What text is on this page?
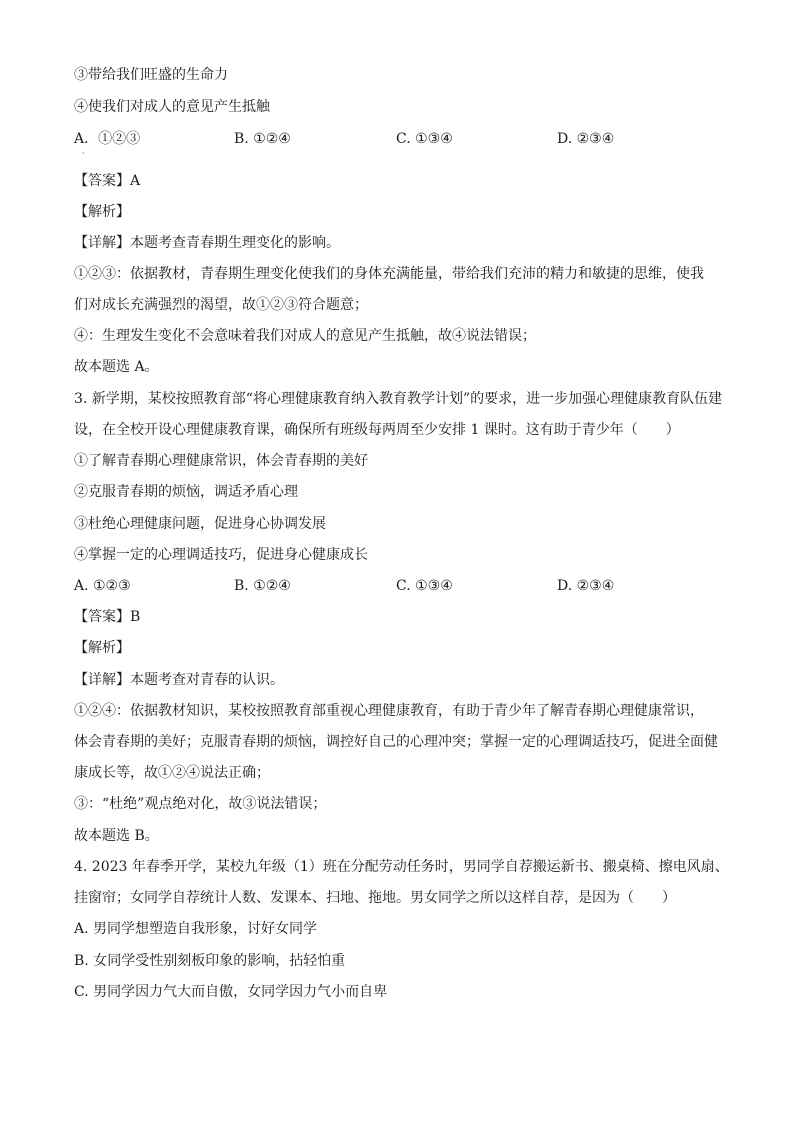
③带给我们旺盛的生命力
④使我们对成人的意见产生抵触
A．①②③	B. ①②④	C. ①③④	D. ②③④
·
【答案】A
【解析】
【详解】本题考查青春期生理变化的影响。
①②③：依据教材，青春期生理变化使我们的身体充满能量，带给我们充沛的精力和敏捷的思维，使我
们对成长充满强烈的渴望，故①②③符合题意；
④：生理发生变化不会意味着我们对成人的意见产生抵触，故④说法错误；
故本题选 A。
3. 新学期，某校按照教育部“将心理健康教育纳入教育教学计划”的要求，进一步加强心理健康教育队伍建
设，在全校开设心理健康教育课，确保所有班级每两周至少安排 1 课时。这有助于青少年（　　）
①了解青春期心理健康常识，体会青春期的美好
②克服青春期的烦恼，调适矛盾心理
③杜绝心理健康问题，促进身心协调发展
④掌握一定的心理调适技巧，促进身心健康成长
A. ①②③	B. ①②④	C. ①③④	D. ②③④
【答案】B
【解析】
【详解】本题考查对青春的认识。
①②④：依据教材知识，某校按照教育部重视心理健康教育，有助于青少年了解青春期心理健康常识，
体会青春期的美好；克服青春期的烦恼，调控好自己的心理冲突；掌握一定的心理调适技巧，促进全面健
康成长等，故①②④说法正确；
③：“杜绝”观点绝对化，故③说法错误；
故本题选 B。
4. 2023 年春季开学，某校九年级（1）班在分配劳动任务时，男同学自荐搬运新书、搬桌椅、擦电风扇、
挂窗帘；女同学自荐统计人数、发课本、扫地、拖地。男女同学之所以这样自荐，是因为（　　）
A. 男同学想塑造自我形象，讨好女同学
B. 女同学受性别刻板印象的影响，拈轻怕重
C. 男同学因力气大而自傲，女同学因力气小而自卑
